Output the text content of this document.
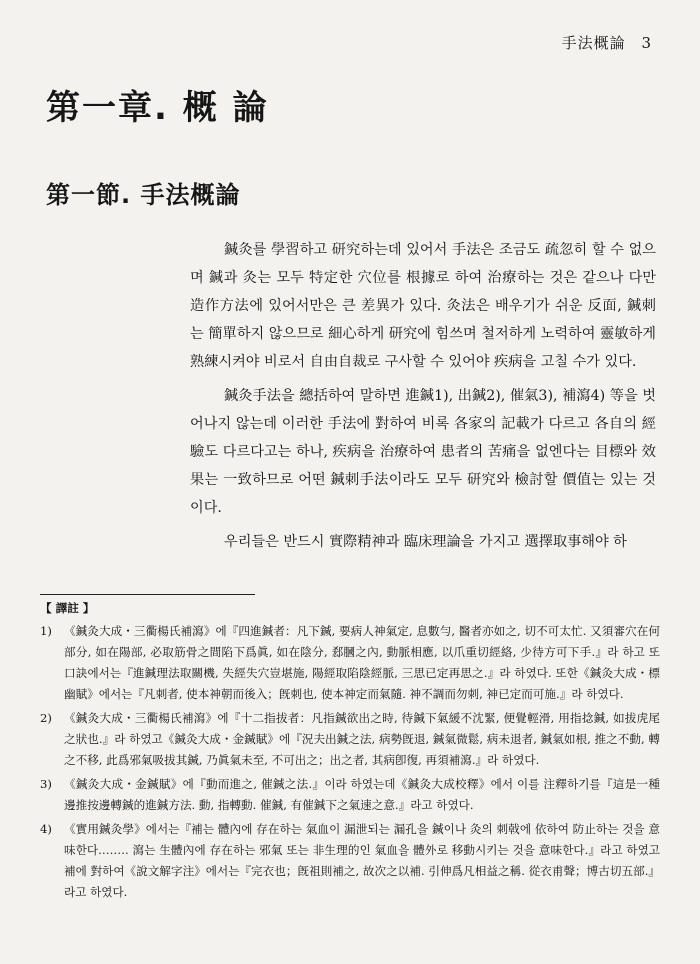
手法概論 3
第一章. 概 論
第一節. 手法概論

鍼灸를 學習하고 研究하는데 있어서 手法은 조금도 疏忽히 할 수 없으며 鍼과 灸는 모두 特定한 穴位를 根據로 하여 治療하는 것은 같으나 다만 造作方法에 있어서만은 큰 差異가 있다. 灸法은 배우기가 쉬운 反面, 鍼刺는 簡單하지 않으므로 細心하게 研究에 힘쓰며 철저하게 노력하여 靈敏하게 熟練시켜야 비로서 自由自裁로 구사할 수 있어야 疾病을 고칠 수가 있다.

鍼灸手法을 總括하여 말하면 進鍼1), 出鍼2), 催氣3), 補瀉4) 等을 벗어나지 않는데 이러한 手法에 對하여 비록 各家의 記載가 다르고 各自의 經驗도 다르다고는 하나, 疾病을 治療하여 患者의 苦痛을 없엔다는 目標와 效果는 一致하므로 어떤 鍼刺手法이라도 모두 研究와 檢討할 價值는 있는 것이다.

우리들은 반드시 實際精神과 臨床理論을 가지고 選擇取事해야 하

【 譯註 】
1)	《鍼灸大成・三衢楊氏補瀉》에『四進鍼者：凡下鍼, 要病人神氣定, 息數勻, 醫者亦如之, 切不可太忙. 又須審穴在何部分, 如在陽部, 必取筋骨之間陷下爲眞, 如在陰分, 郄膕之內, 動脈相應, 以爪重切經絡, 少待方可下手.』라 하고 또 口訣에서는『進鍼理法取關機, 失經失穴豈堪施, 陽經取陷陰經脈, 三思已定再思之.』라 하였다. 또한《鍼灸大成・標幽賦》에서는『凡刺者, 使本神朝而後入；旣刺也, 使本神定而氣隨. 神不調而勿刺, 神已定而可施.』라 하였다.
2)	《鍼灸大成・三衢楊氏補瀉》에『十二指拔者：凡指鍼欲出之時, 待鍼下氣緩不沈緊, 便覺輕滑, 用指捻鍼, 如拔虎尾之狀也.』라 하였고《鍼灸大成・金鍼賦》에『況夫出鍼之法, 病勢旣退, 鍼氣微鬆, 病未退者, 鍼氣如根, 推之不動, 轉之不移, 此爲邪氣吸拔其鍼, 乃眞氣未至, 不可出之；出之者, 其病卽復, 再須補瀉.』라 하였다.
3)	《鍼灸大成・金鍼賦》에『動而進之, 催鍼之法.』이라 하였는데《鍼灸大成校釋》에서 이를 注釋하기를『這是一種邊推按邊轉鍼的進鍼方法. 動, 指轉動. 催鍼, 有催鍼下之氣速之意.』라고 하였다.
4)	《實用鍼灸學》에서는『補는 體內에 存在하는 氣血이 漏泄되는 漏孔을 鍼이나 灸의 刺戟에 依하여 防止하는 것을 意味한다.……. 瀉는 生體內에 存在하는 邪氣 또는 非生理的인 氣血을 體外로 移動시키는 것을 意味한다.』라고 하였고 補에 對하여《說文解字注》에서는『完衣也；旣祖則補之, 故次之以補. 引伸爲凡相益之稱. 從衣甫聲；博古切五部.』라고 하였다.
